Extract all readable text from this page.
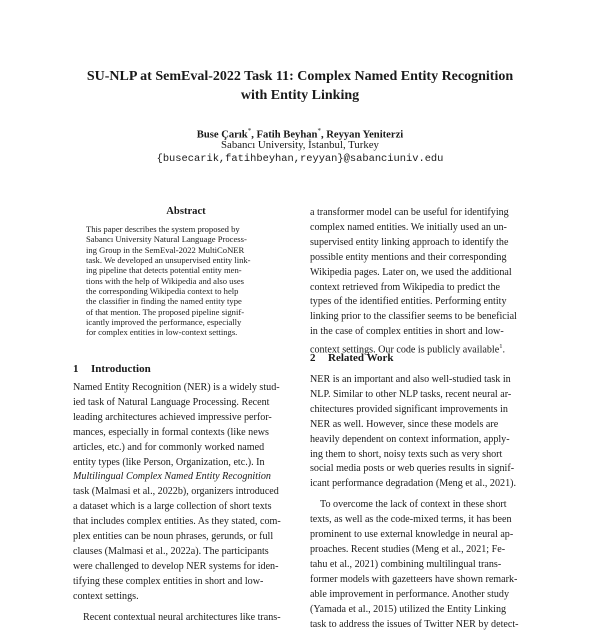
SU-NLP at SemEval-2022 Task 11: Complex Named Entity Recognition
with Entity Linking
Buse Çarık*, Fatih Beyhan*, Reyyan Yeniterzi
Sabancı University, İstanbul, Turkey
{busecarik,fatihbeyhan,reyyan}@sabanciuniv.edu
Abstract
This paper describes the system proposed by
Sabancı University Natural Language Process-
ing Group in the SemEval-2022 MultiCoNER
task. We developed an unsupervised entity link-
ing pipeline that detects potential entity men-
tions with the help of Wikipedia and also uses
the corresponding Wikipedia context to help
the classifier in finding the named entity type
of that mention. The proposed pipeline signif-
icantly improved the performance, especially
for complex entities in low-context settings.
1 Introduction
Named Entity Recognition (NER) is a widely stud-
ied task of Natural Language Processing. Recent
leading architectures achieved impressive perfor-
mances, especially in formal contexts (like news
articles, etc.) and for commonly worked named
entity types (like Person, Organization, etc.). In
Multilingual Complex Named Entity Recognition
task (Malmasi et al., 2022b), organizers introduced
a dataset which is a large collection of short texts
that includes complex entities. As they stated, com-
plex entities can be noun phrases, gerunds, or full
clauses (Malmasi et al., 2022a). The participants
were challenged to develop NER systems for iden-
tifying these complex entities in short and low-
context settings.
Recent contextual neural architectures like trans-
a transformer model can be useful for identifying
complex named entities. We initially used an un-
supervised entity linking approach to identify the
possible entity mentions and their corresponding
Wikipedia pages. Later on, we used the additional
context retrieved from Wikipedia to predict the
types of the identified entities. Performing entity
linking prior to the classifier seems to be beneficial
in the case of complex entities in short and low-
context settings. Our code is publicly available$^1$.
2 Related Work
NER is an important and also well-studied task in
NLP. Similar to other NLP tasks, recent neural ar-
chitectures provided significant improvements in
NER as well. However, since these models are
heavily dependent on context information, apply-
ing them to short, noisy texts such as very short
social media posts or web queries results in signif-
icant performance degradation (Meng et al., 2021).
To overcome the lack of context in these short
texts, as well as the code-mixed terms, it has been
prominent to use external knowledge in neural ap-
proaches. Recent studies (Meng et al., 2021; Fe-
tahu et al., 2021) combining multilingual trans-
former models with gazetteers have shown remark-
able improvement in performance. Another study
(Yamada et al., 2015) utilized the Entity Linking
task to address the issues of Twitter NER by detect-
